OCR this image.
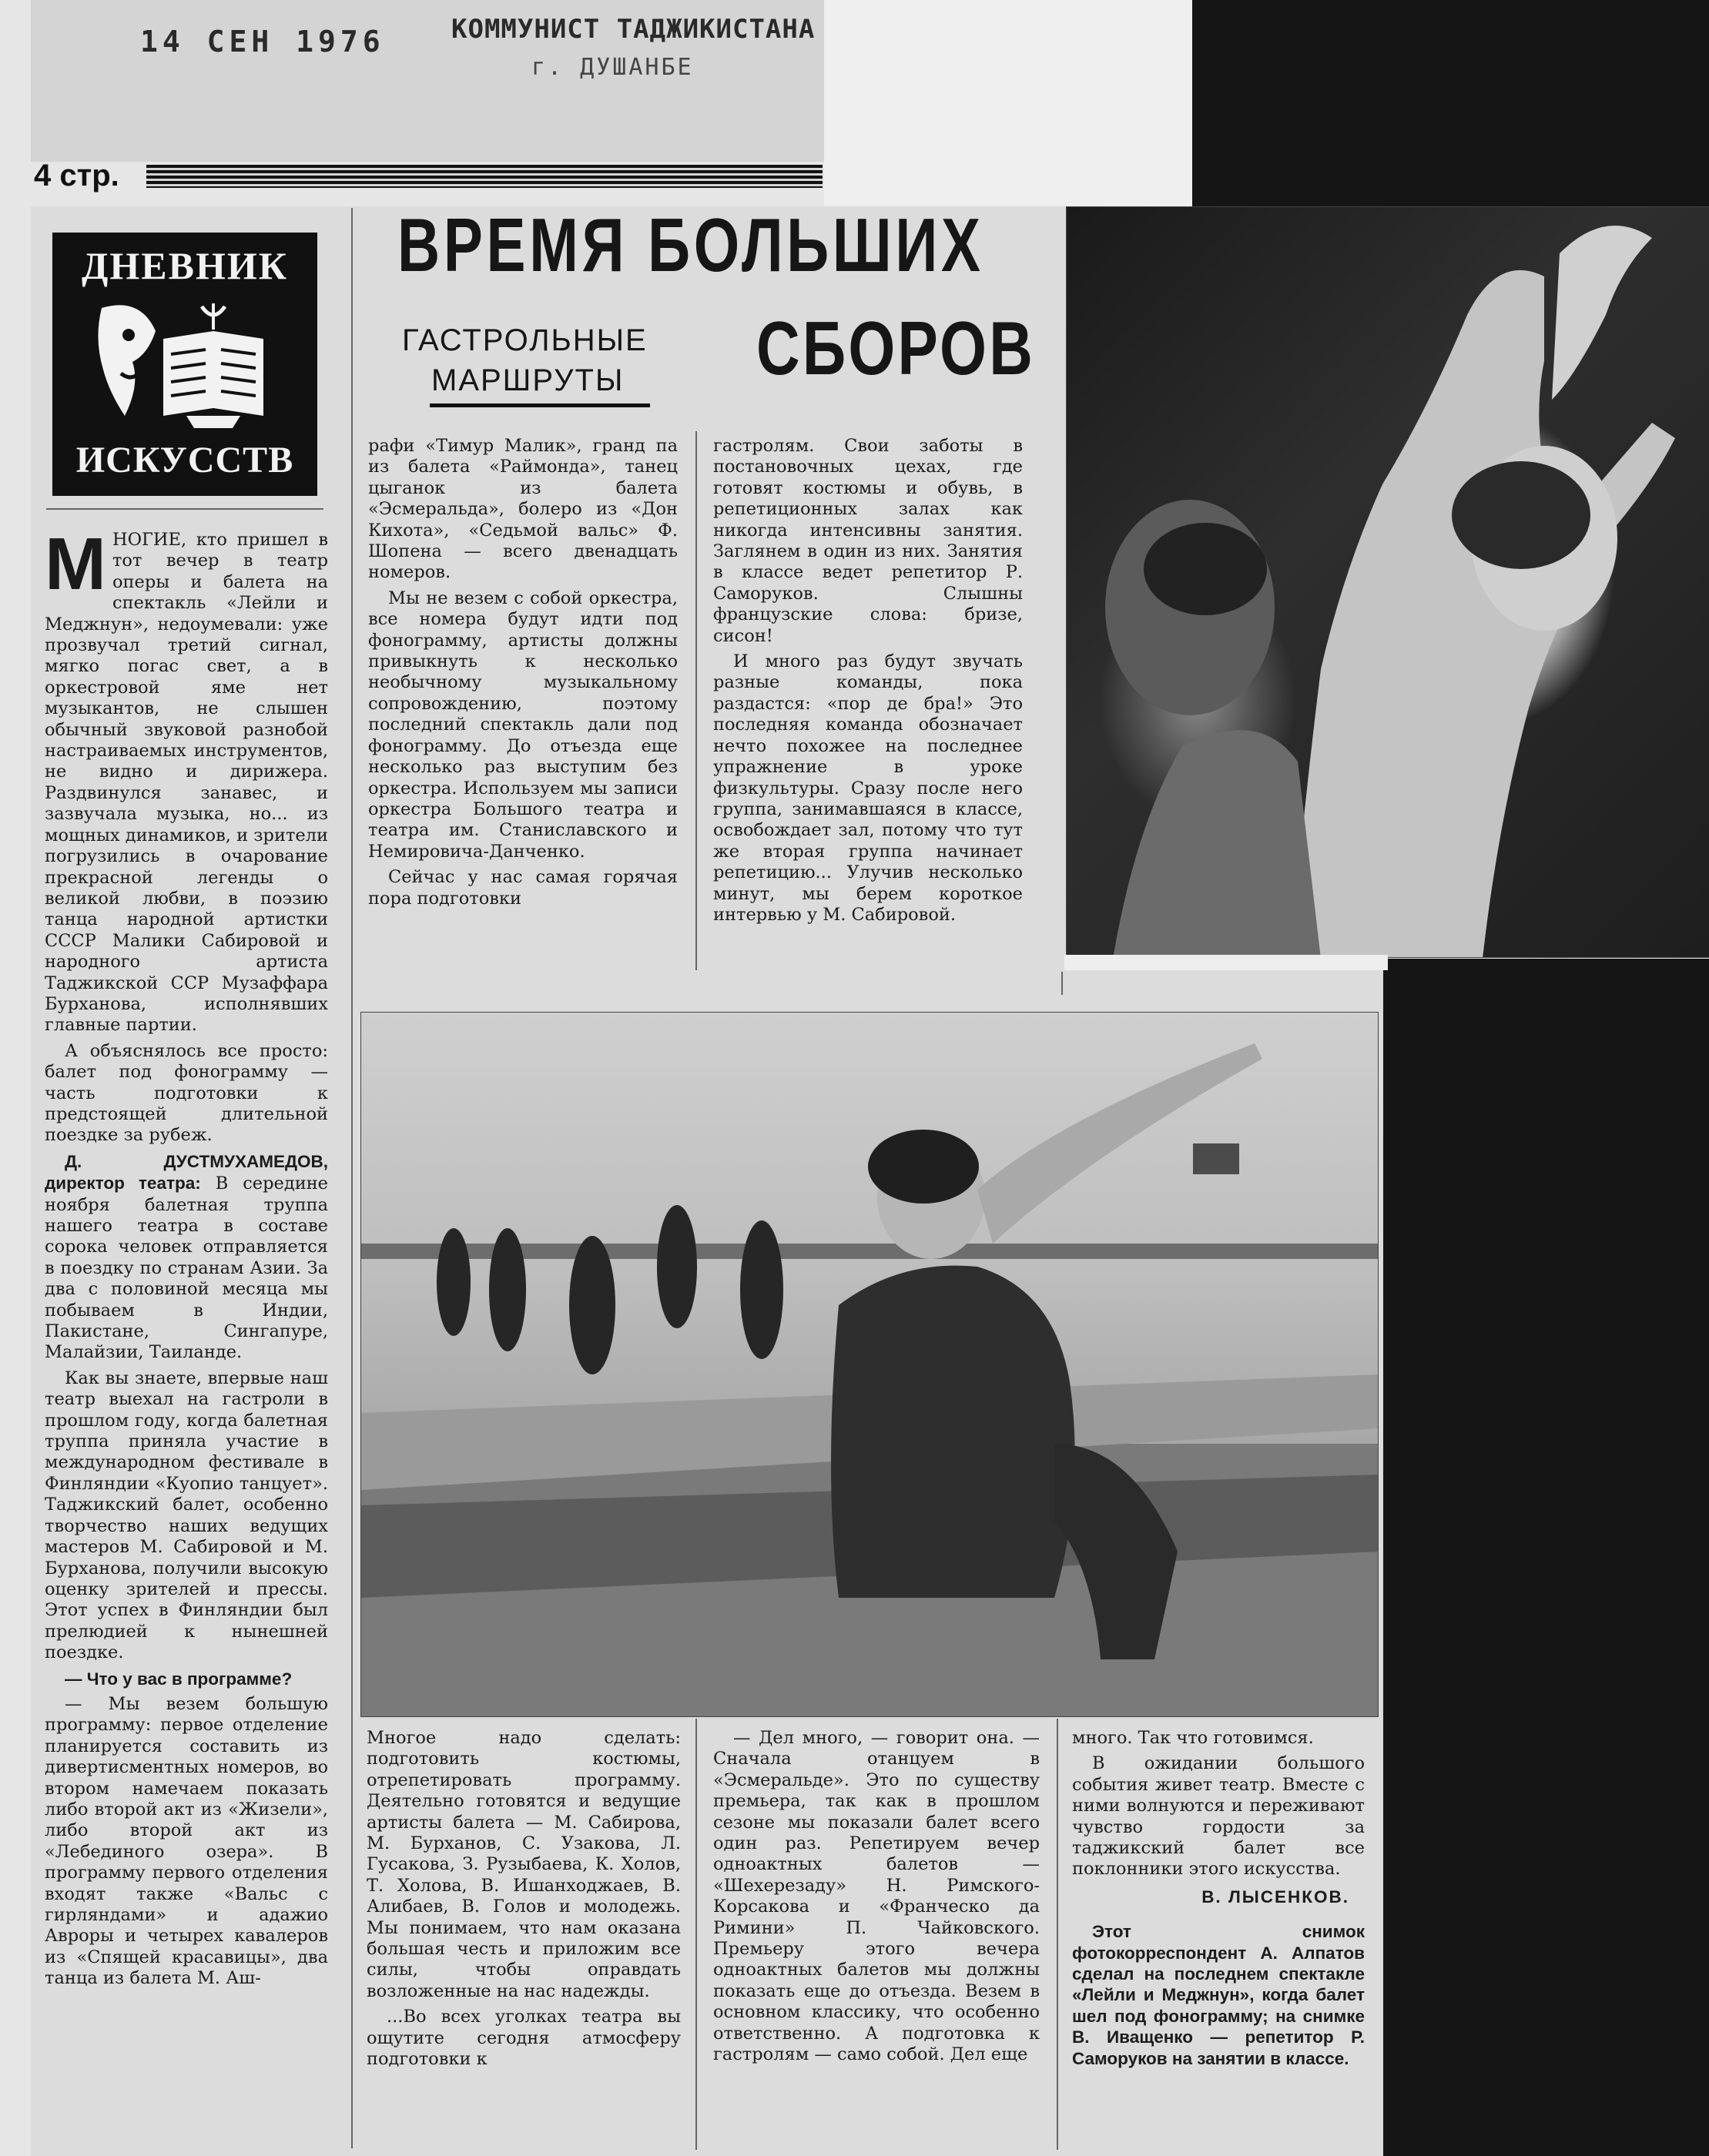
14 СЕН 1976	КОММУНИСТ ТАДЖИКИСТАНА
г. ДУШАНБЕ
4 стр.
ДНЕВНИК
ИСКУССТВ
ВРЕМЯ БОЛЬШИХ
СБОРОВ
ГАСТРОЛЬНЫЕ
МАРШРУТЫ

МНОГИЕ, кто пришел в тот вечер в театр оперы и балета на спектакль «Лейли и Меджнун», недоумевали: уже прозвучал третий сигнал, мягко погас свет, а в оркестровой яме нет музыкантов, не слышен обычный звуковой разнобой настраиваемых инструментов, не видно и дирижера. Раздвинулся занавес, и зазвучала музыка, но... из мощных динамиков, и зрители погрузились в очарование прекрасной легенды о великой любви, в поэзию танца народной артистки СССР Малики Сабировой и народного артиста Таджикской ССР Музаффара Бурханова, исполнявших главные партии.

А объяснялось все просто: балет под фонограмму — часть подготовки к предстоящей длительной поездке за рубеж.

Д. ДУСТМУХАМЕДОВ, директор театра: В середине ноября балетная труппа нашего театра в составе сорока человек отправляется в поездку по странам Азии. За два с половиной месяца мы побываем в Индии, Пакистане, Сингапуре, Малайзии, Таиланде.

Как вы знаете, впервые наш театр выехал на гастроли в прошлом году, когда балетная труппа приняла участие в международном фестивале в Финляндии «Куопио танцует». Таджикский балет, особенно творчество наших ведущих мастеров М. Сабировой и М. Бурханова, получили высокую оценку зрителей и прессы. Этот успех в Финляндии был прелюдией к нынешней поездке.

— Что у вас в программе?

— Мы везем большую программу: первое отделение планируется составить из дивертисментных номеров, во втором намечаем показать либо второй акт из «Жизели», либо второй акт из «Лебединого озера». В программу первого отделения входят также «Вальс с гирляндами» и адажио Авроры и четырех кавалеров из «Спящей красавицы», два танца из балета М. Аш-

рафи «Тимур Малик», гранд па из балета «Раймонда», танец цыганок из балета «Эсмеральда», болеро из «Дон Кихота», «Седьмой вальс» Ф. Шопена — всего двенадцать номеров.

Мы не везем с собой оркестра, все номера будут идти под фонограмму, артисты должны привыкнуть к несколько необычному музыкальному сопровождению, поэтому последний спектакль дали под фонограмму. До отъезда еще несколько раз выступим без оркестра. Используем мы записи оркестра Большого театра и театра им. Станиславского и Немировича-Данченко.

Сейчас у нас самая горячая пора подготовки

гастролям. Свои заботы в постановочных цехах, где готовят костюмы и обувь, в репетиционных залах как никогда интенсивны занятия. Заглянем в один из них. Занятия в классе ведет репетитор Р. Саморуков. Слышны французские слова: бризе, сисон!

И много раз будут звучать разные команды, пока раздастся: «пор де бра!» Это последняя команда обозначает нечто похожее на последнее упражнение в уроке физкультуры. Сразу после него группа, занимавшаяся в классе, освобождает зал, потому что тут же вторая группа начинает репетицию... Улучив несколько минут, мы берем короткое интервью у М. Сабировой.

Многое надо сделать: подготовить костюмы, отрепетировать программу. Деятельно готовятся и ведущие артисты балета — М. Сабирова, М. Бурханов, С. Узакова, Л. Гусакова, З. Рузыбаева, К. Холов, Т. Холова, В. Ишанходжаев, В. Алибаев, В. Голов и молодежь. Мы понимаем, что нам оказана большая честь и приложим все силы, чтобы оправдать возложенные на нас надежды.

...Во всех уголках театра вы ощутите сегодня атмосферу подготовки к

— Дел много, — говорит она. — Сначала отанцуем в «Эсмеральде». Это по существу премьера, так как в прошлом сезоне мы показали балет всего один раз. Репетируем вечер одноактных балетов — «Шехерезаду» Н. Римского-Корсакова и «Франческо да Римини» П. Чайковского. Премьеру этого вечера одноактных балетов мы должны показать еще до отъезда. Везем в основном классику, что особенно ответственно. А подготовка к гастролям — само собой. Дел еще

много. Так что готовимся.

В ожидании большого события живет театр. Вместе с ними волнуются и переживают чувство гордости за таджикский балет все поклонники этого искусства.

В. ЛЫСЕНКОВ.

Этот снимок фотокорреспондент А. Алпатов сделал на последнем спектакле «Лейли и Меджнун», когда балет шел под фонограмму; на снимке В. Иващенко — репетитор Р. Саморуков на занятии в классе.
